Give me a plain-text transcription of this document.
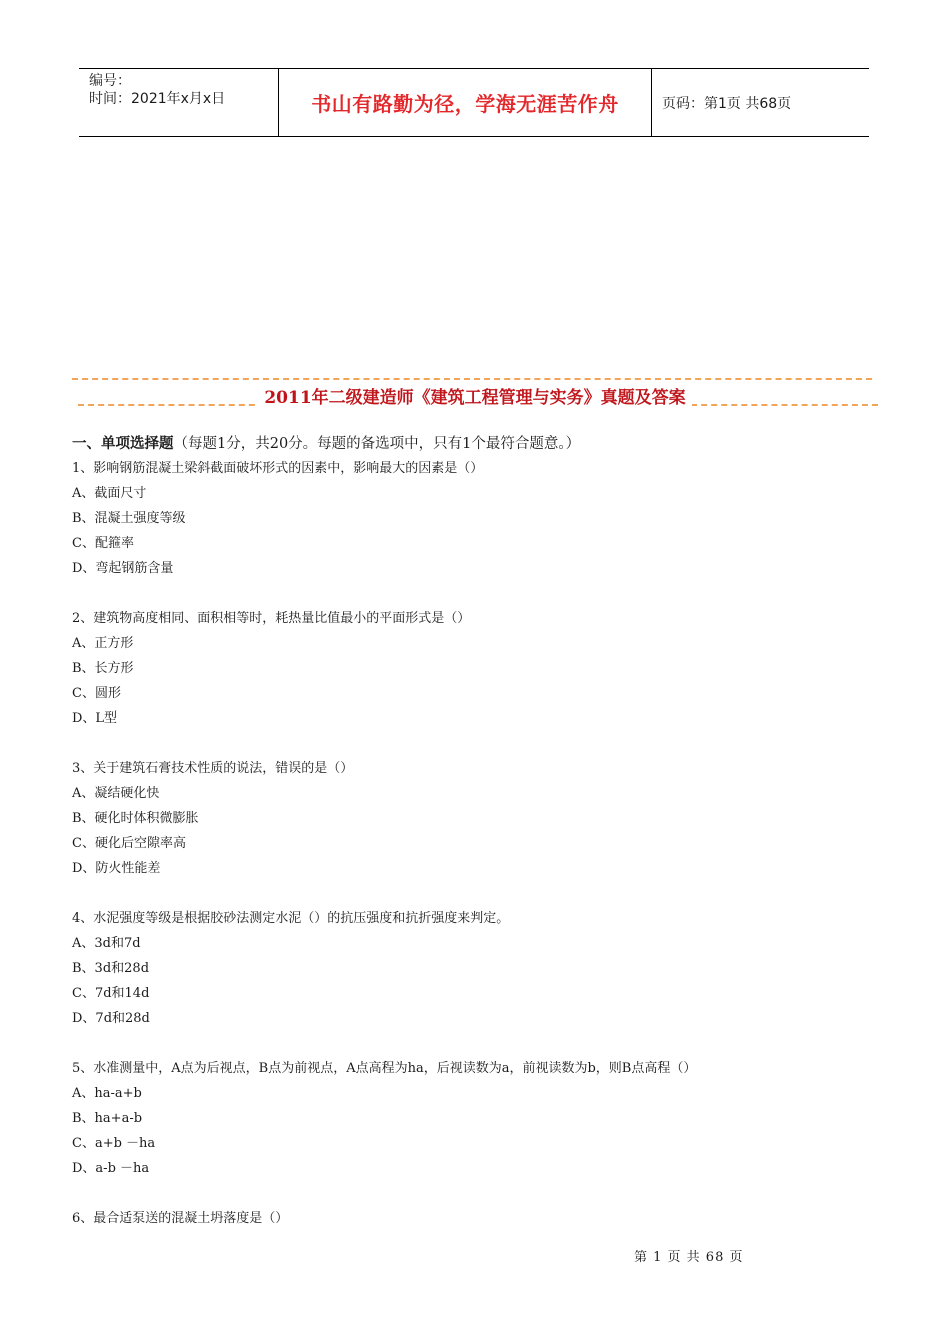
编号：
时间：2021年x月x日	书山有路勤为径，学海无涯苦作舟	页码：第1页 共68页
2011年二级建造师《建筑工程管理与实务》真题及答案
一、单项选择题（每题1分，共20分。每题的备选项中，只有1个最符合题意。）
1、影响钢筋混凝土梁斜截面破坏形式的因素中，影响最大的因素是（）
A、截面尺寸
B、混凝土强度等级
C、配箍率
D、弯起钢筋含量
2、建筑物高度相同、面积相等时，耗热量比值最小的平面形式是（）
A、正方形
B、长方形
C、圆形
D、L型
3、关于建筑石膏技术性质的说法，错误的是（）
A、凝结硬化快
B、硬化时体积微膨胀
C、硬化后空隙率高
D、防火性能差
4、水泥强度等级是根据胶砂法测定水泥（）的抗压强度和抗折强度来判定。
A、3d和7d
B、3d和28d
C、7d和14d
D、7d和28d
5、水准测量中，A点为后视点，B点为前视点，A点高程为ha，后视读数为a，前视读数为b，则B点高程（）
A、ha-a+b
B、ha+a-b
C、a+b －ha
D、a-b －ha
6、最合适泵送的混凝土坍落度是（）
第 1 页 共 68 页
